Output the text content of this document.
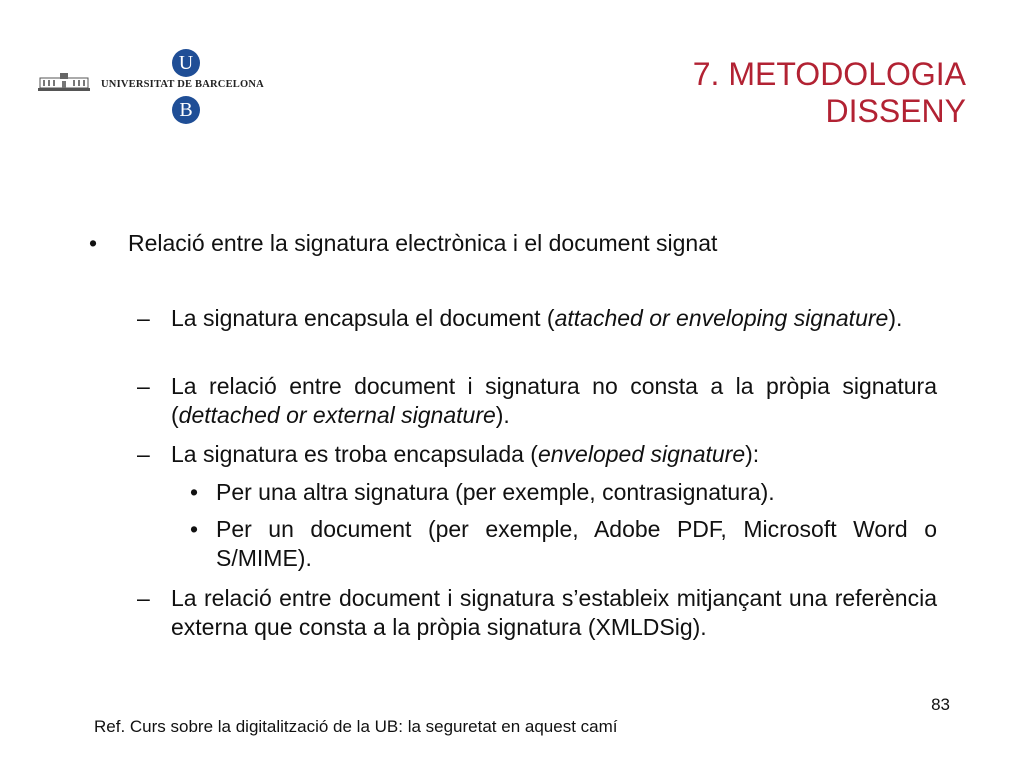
UNIVERSITAT DE BARCELONA
U
B
7. METODOLOGIA
DISSENY
• Relació entre la signatura electrònica i el document signat
– La signatura encapsula el document (attached or enveloping signature).
– La relació entre document i signatura no consta a la pròpia signatura (dettached or external signature).
– La signatura es troba encapsulada (enveloped signature):
• Per una altra signatura (per exemple, contrasignatura).
• Per un document (per exemple, Adobe PDF, Microsoft Word o S/MIME).
– La relació entre document i signatura s’estableix mitjançant una referència externa que consta a la pròpia signatura (XMLDSig).
83
Ref. Curs sobre la digitalització de la UB: la seguretat en aquest camí
